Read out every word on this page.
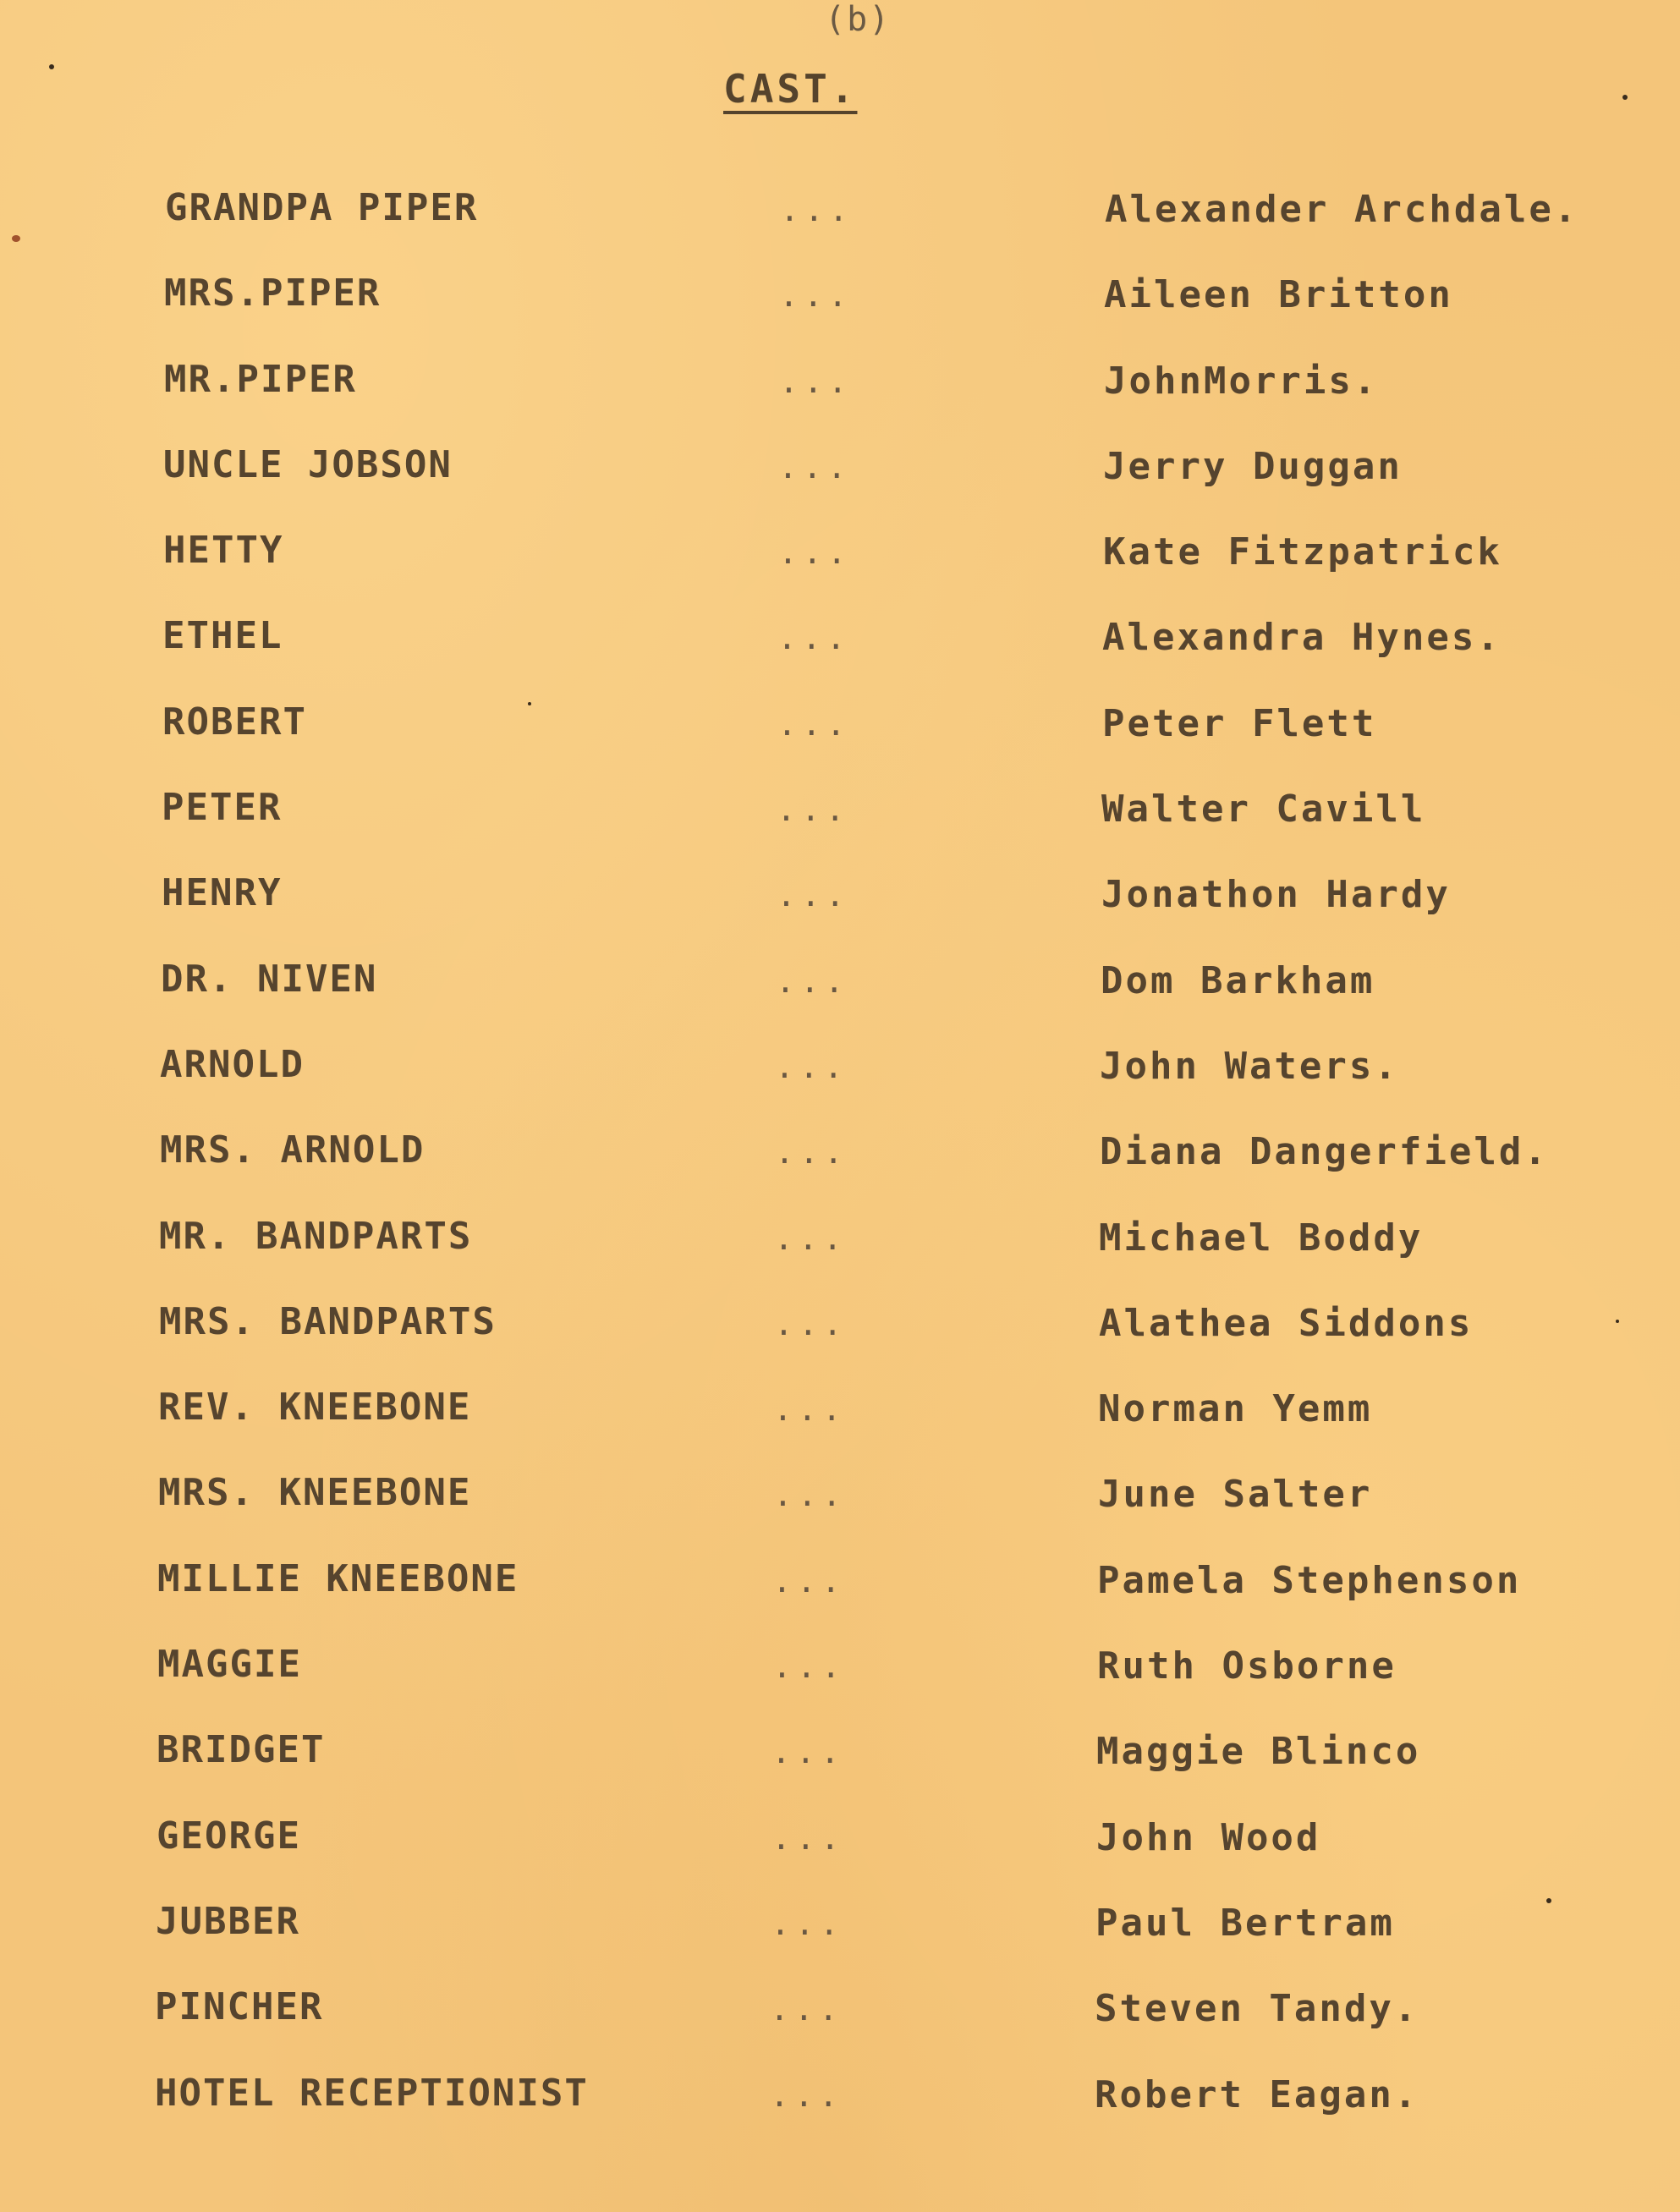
(b)
CAST.
GRANDPA PIPER	...	Alexander Archdale.
MRS.PIPER	...	Aileen Britton
MR.PIPER	...	JohnMorris.
UNCLE JOBSON	...	Jerry Duggan
HETTY	...	Kate Fitzpatrick
ETHEL	...	Alexandra Hynes.
ROBERT	...	Peter Flett
PETER	...	Walter Cavill
HENRY	...	Jonathon Hardy
DR. NIVEN	...	Dom Barkham
ARNOLD	...	John Waters.
MRS. ARNOLD	...	Diana Dangerfield.
MR. BANDPARTS	...	Michael Boddy
MRS. BANDPARTS	...	Alathea Siddons
REV. KNEEBONE	...	Norman Yemm
MRS. KNEEBONE	...	June Salter
MILLIE KNEEBONE	...	Pamela Stephenson
MAGGIE	...	Ruth Osborne
BRIDGET	...	Maggie Blinco
GEORGE	...	John Wood
JUBBER	...	Paul Bertram
PINCHER	...	Steven Tandy.
HOTEL RECEPTIONIST	...	Robert Eagan.
